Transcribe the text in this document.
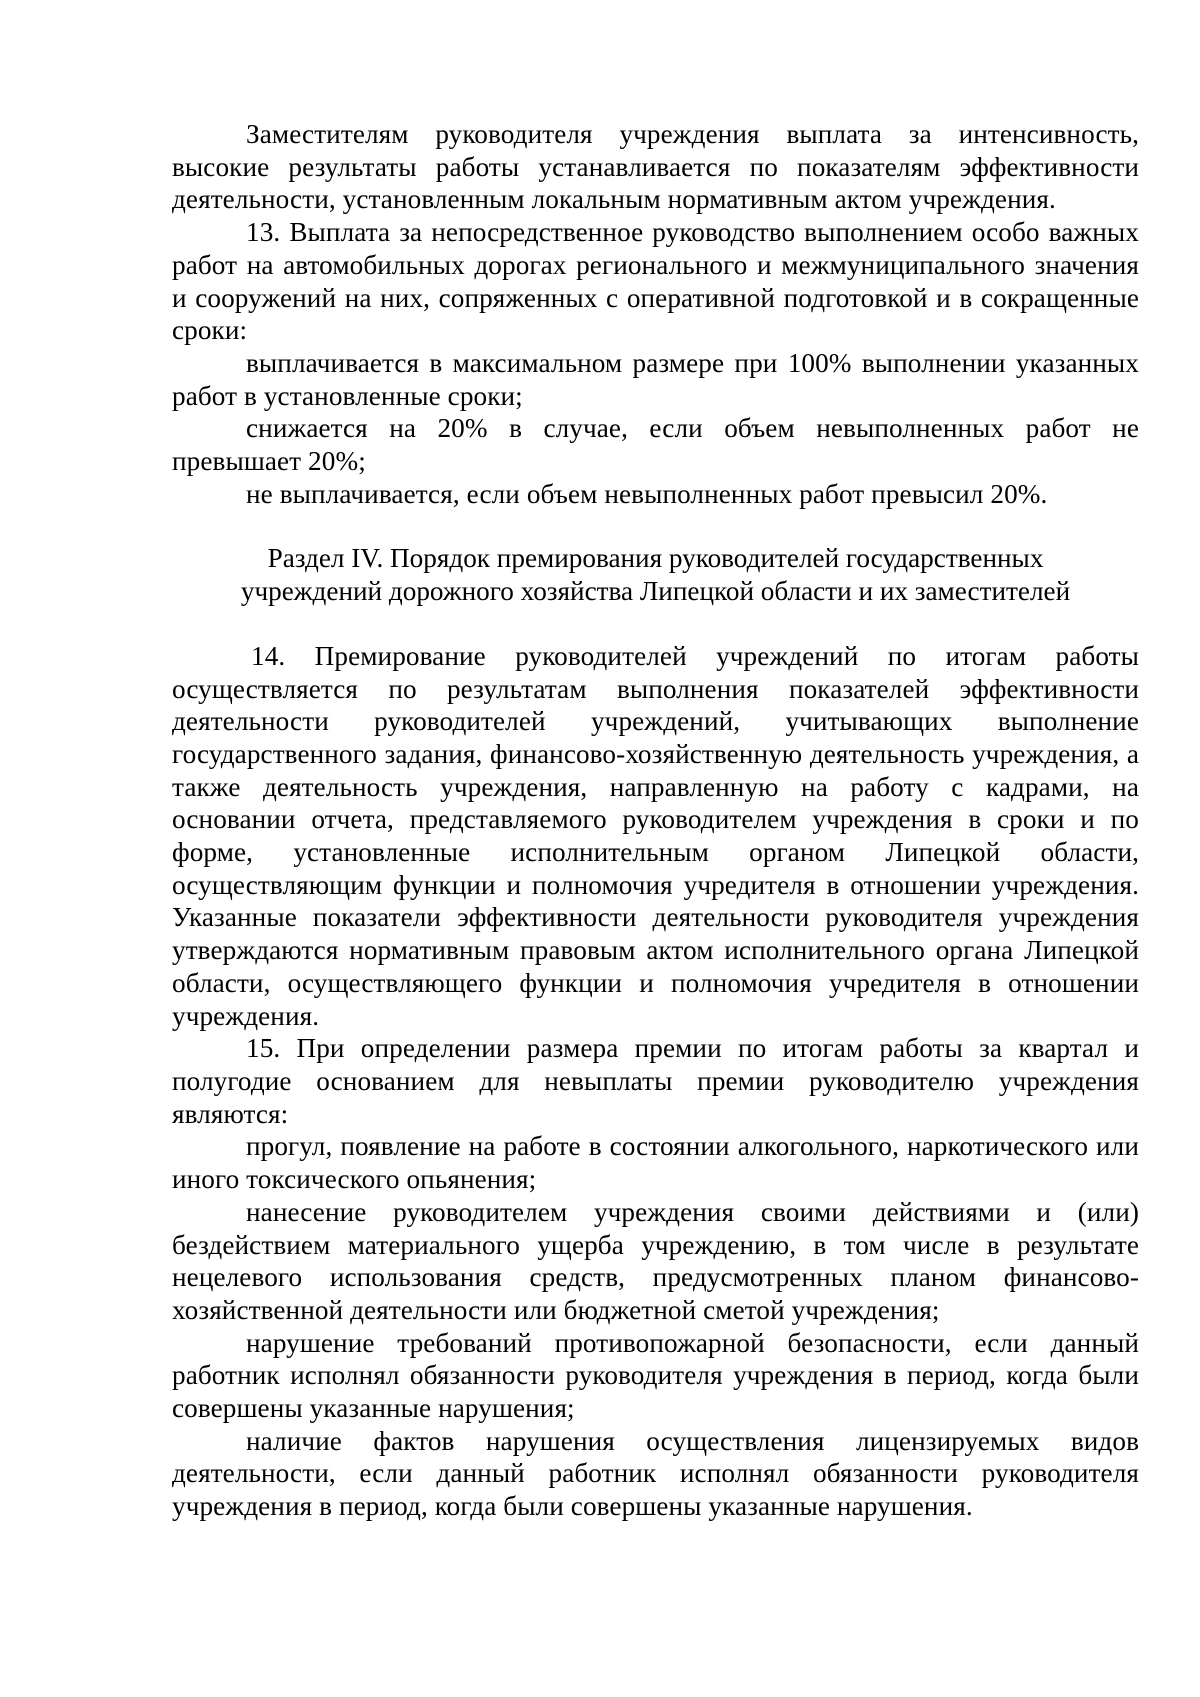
Заместителям руководителя учреждения выплата за интенсивность, высокие результаты работы устанавливается по показателям эффективности деятельности, установленным локальным нормативным актом учреждения.

13. Выплата за непосредственное руководство выполнением особо важных работ на автомобильных дорогах регионального и межмуниципального значения и сооружений на них, сопряженных с оперативной подготовкой и в сокращенные сроки:

выплачивается в максимальном размере при 100% выполнении указанных работ в установленные сроки;

снижается на 20% в случае, если объем невыполненных работ не превышает 20%;

не выплачивается, если объем невыполненных работ превысил 20%.

Раздел IV. Порядок премирования руководителей государственных
учреждений дорожного хозяйства Липецкой области и их заместителей

14. Премирование руководителей учреждений по итогам работы осуществляется по результатам выполнения показателей эффективности деятельности руководителей учреждений, учитывающих выполнение государственного задания, финансово-хозяйственную деятельность учреждения, а также деятельность учреждения, направленную на работу с кадрами, на основании отчета, представляемого руководителем учреждения в сроки и по форме, установленные исполнительным органом Липецкой области, осуществляющим функции и полномочия учредителя в отношении учреждения. Указанные показатели эффективности деятельности руководителя учреждения утверждаются нормативным правовым актом исполнительного органа Липецкой области, осуществляющего функции и полномочия учредителя в отношении учреждения.

15. При определении размера премии по итогам работы за квартал и полугодие основанием для невыплаты премии руководителю учреждения являются:

прогул, появление на работе в состоянии алкогольного, наркотического или иного токсического опьянения;

нанесение руководителем учреждения своими действиями и (или) бездействием материального ущерба учреждению, в том числе в результате нецелевого использования средств, предусмотренных планом финансово-хозяйственной деятельности или бюджетной сметой учреждения;

нарушение требований противопожарной безопасности, если данный работник исполнял обязанности руководителя учреждения в период, когда были совершены указанные нарушения;

наличие фактов нарушения осуществления лицензируемых видов деятельности, если данный работник исполнял обязанности руководителя учреждения в период, когда были совершены указанные нарушения.
